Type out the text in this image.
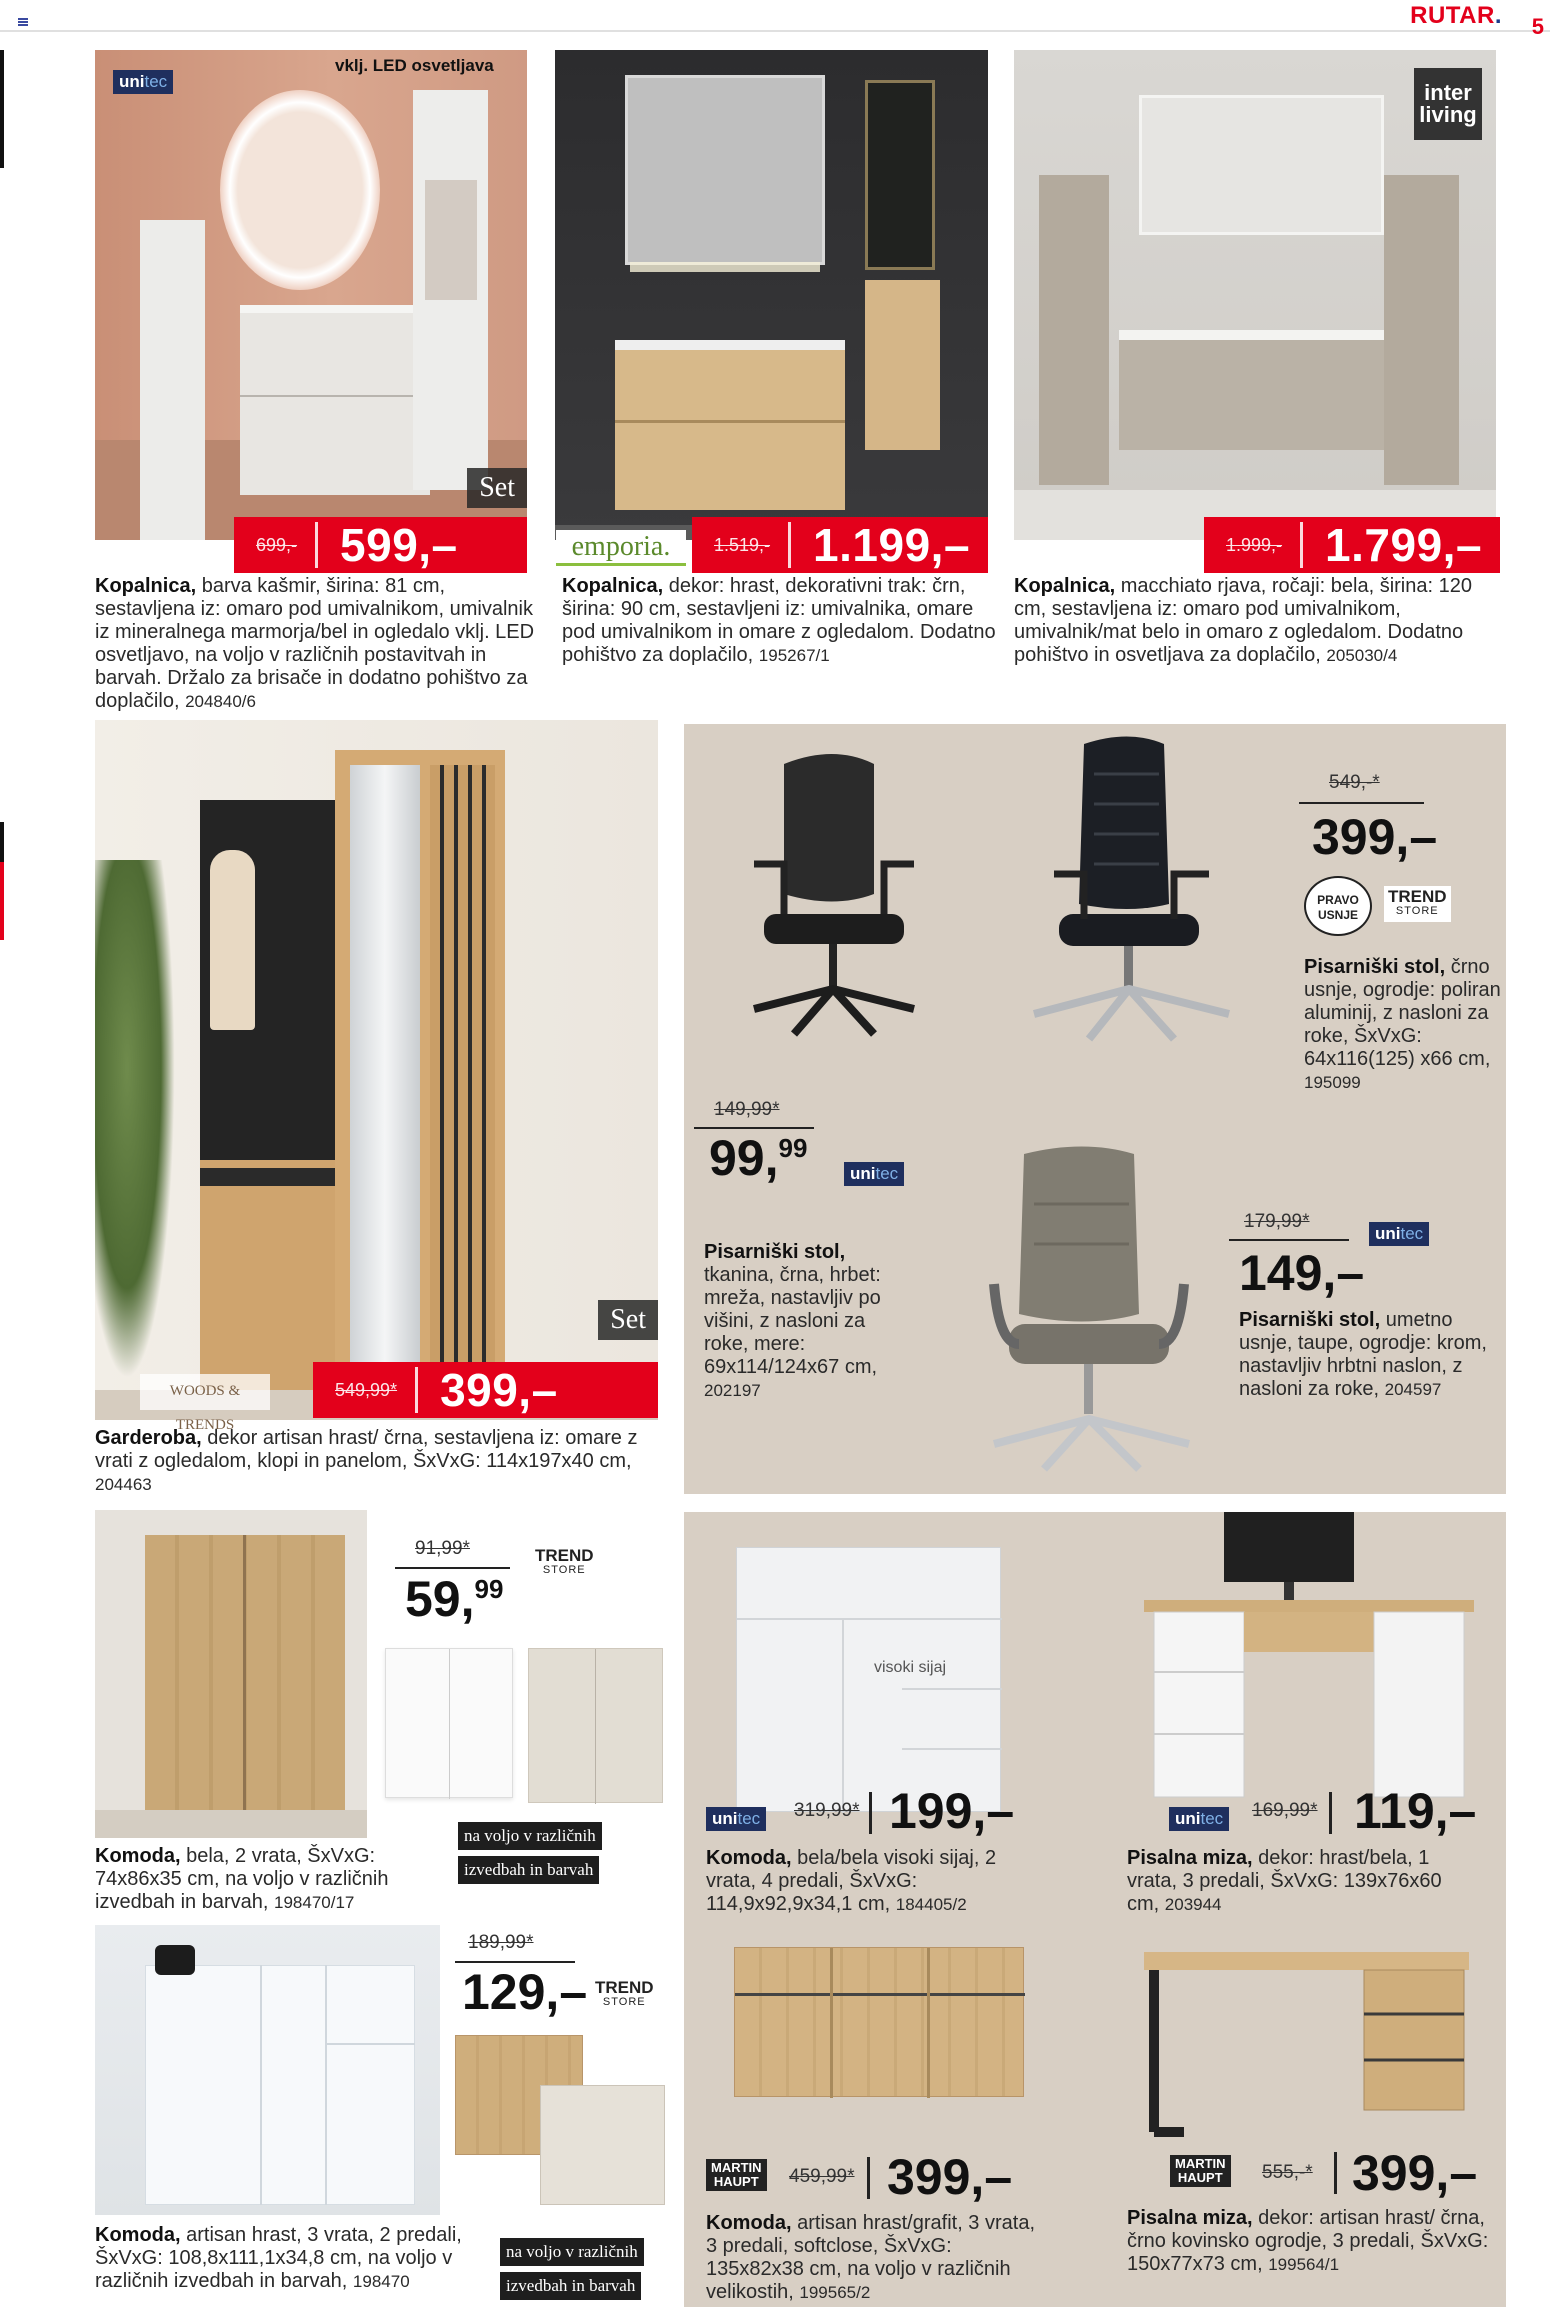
RUTAR. 5
vklj. LED osvetljava
unitec
Set
699,- 599,–
Kopalnica, barva kašmir, širina: 81 cm, sestavljena iz: omaro pod umivalnikom, umivalnik iz mineralnega marmorja/bel in ogledalo vklj. LED osvetljavo, na voljo v različnih postavitvah in barvah. Držalo za brisače in dodatno pohištvo za doplačilo, 204840/6
emporia.	1.519,- 1.199,–
Kopalnica, dekor: hrast, dekorativni trak: črn, širina: 90 cm, sestavljeni iz: umivalnika, omare pod umivalnikom in omare z ogledalom. Dodatno pohištvo za doplačilo, 195267/1
inter
living
1.999,- 1.799,–
Kopalnica, macchiato rjava, ročaji: bela, širina: 120 cm, sestavljena iz: omaro pod umivalnikom, umivalnik/mat belo in omaro z ogledalom. Dodatno pohištvo in osvetljava za doplačilo, 205030/4
Set
WOODS & TRENDS
549,99* 399,–
Garderoba, dekor artisan hrast/ črna, sestavljena iz: omare z vrati z ogledalom, klopi in panelom, ŠxVxG: 114x197x40 cm, 204463
549,-*
399,–
PRAVO USNJE
TREND
STORE
Pisarniški stol, črno usnje, ogrodje: poliran aluminij, z nasloni za roke, ŠxVxG: 64x116(125) x66 cm, 195099
149,99*
99,99
unitec
Pisarniški stol, tkanina, črna, hrbet: mreža, nastavljiv po višini, z nasloni za roke, mere: 69x114/124x67 cm, 202197
179,99*
149,–
unitec
Pisarniški stol, umetno usnje, taupe, ogrodje: krom, nastavljiv hrbtni naslon, z nasloni za roke, 204597
91,99*
59,99
TREND
STORE
na voljo v različnih
izvedbah in barvah
Komoda, bela, 2 vrata, ŠxVxG: 74x86x35 cm, na voljo v različnih izvedbah in barvah, 198470/17
189,99*
129,– TREND
STORE
na voljo v različnih
izvedbah in barvah
Komoda, artisan hrast, 3 vrata, 2 predali, ŠxVxG: 108,8x111,1x34,8 cm, na voljo v različnih izvedbah in barvah, 198470
visoki sijaj
unitec	319,99* 199,–
Komoda, bela/bela visoki sijaj, 2 vrata, 4 predali, ŠxVxG: 114,9x92,9x34,1 cm, 184405/2
unitec	169,99* 119,–
Pisalna miza, dekor: hrast/bela, 1 vrata, 3 predali, ŠxVxG: 139x76x60 cm, 203944
MARTIN
HAUPT	459,99* 399,–
Komoda, artisan hrast/grafit, 3 vrata, 3 predali, softclose, ŠxVxG: 135x82x38 cm, na voljo v različnih velikostih, 199565/2
MARTIN
HAUPT	555,-* 399,–
Pisalna miza, dekor: artisan hrast/ črna, črno kovinsko ogrodje, 3 predali, ŠxVxG: 150x77x73 cm, 199564/1
